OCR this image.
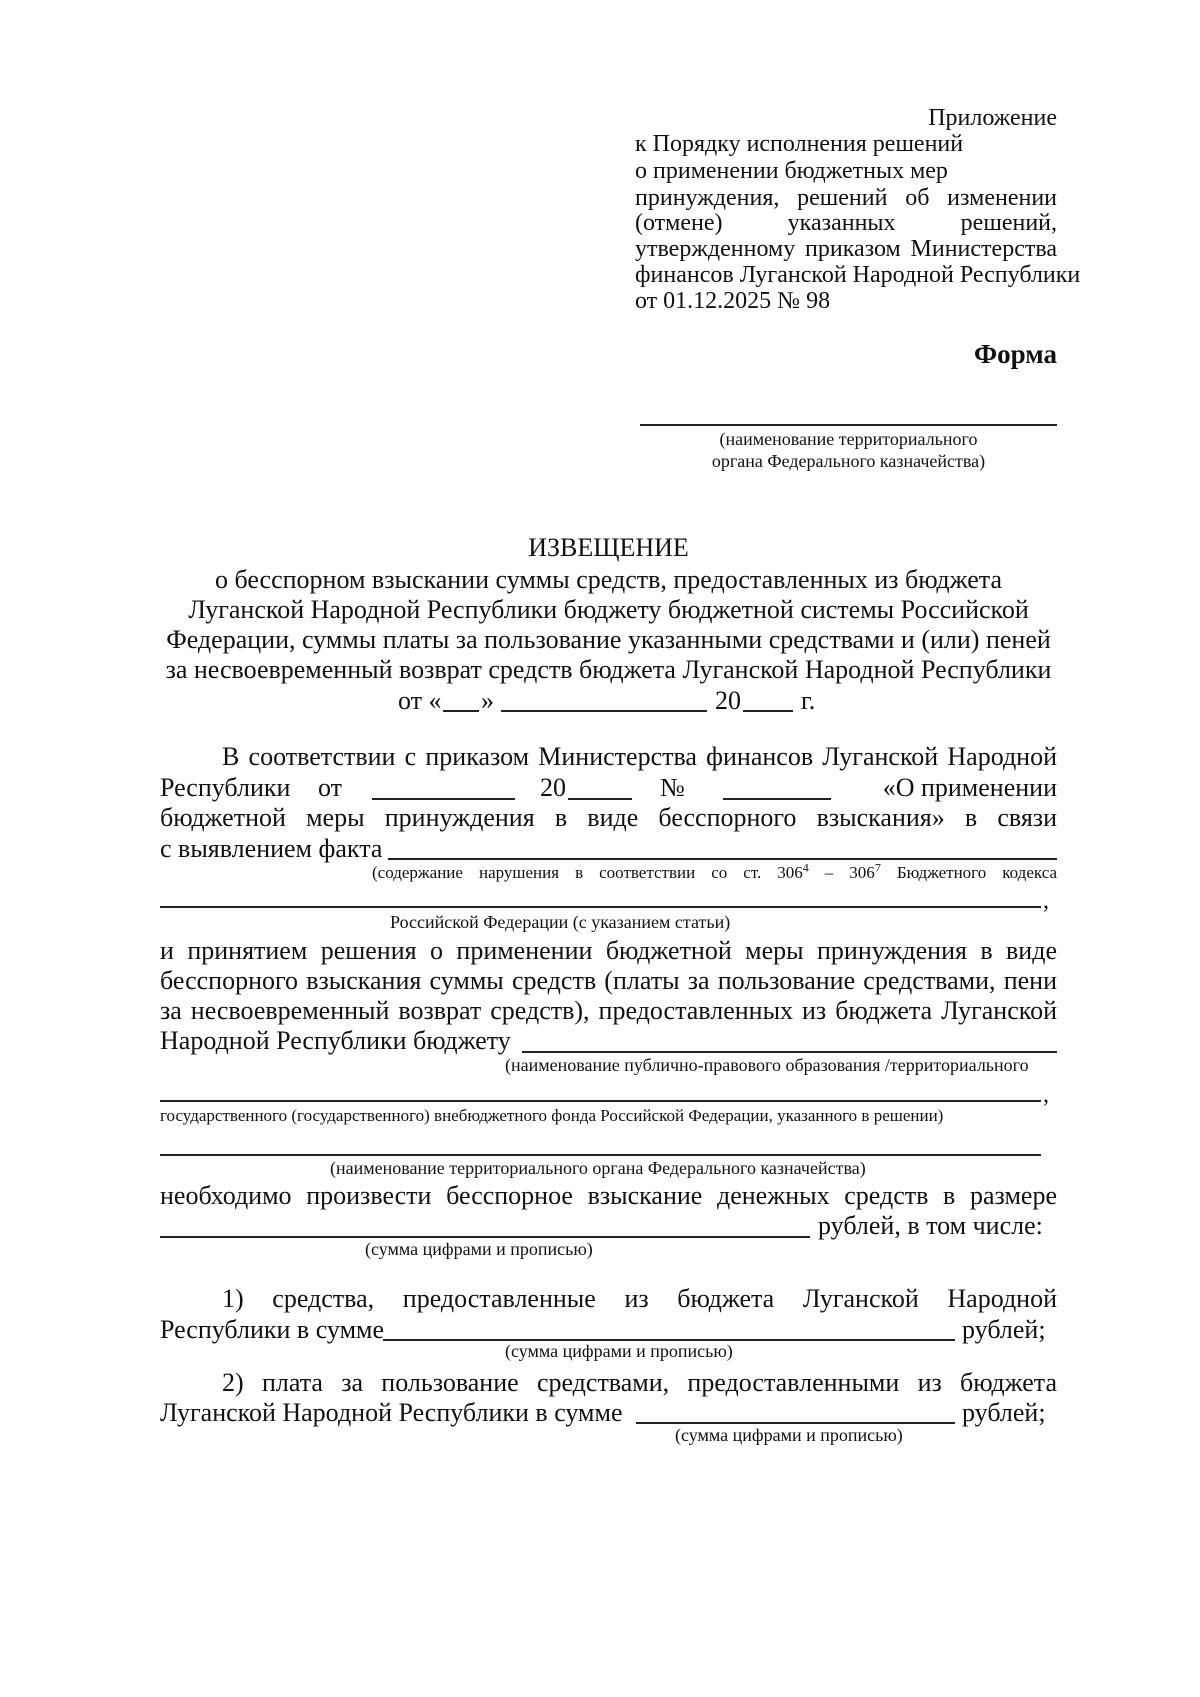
Приложение
к Порядку исполнения решений
о применении бюджетных мер
принуждения, решений об изменении
(отмене) указанных решений,
утвержденному приказом Министерства
финансов Луганской Народной Республики
от 01.12.2025 № 98
Форма
(наименование территориального
органа Федерального казначейства)
ИЗВЕЩЕНИЕ
о бесспорном взыскании суммы средств, предоставленных из бюджета
Луганской Народной Республики бюджету бюджетной системы Российской
Федерации, суммы платы за пользование указанными средствами и (или) пеней
за несвоевременный возврат средств бюджета Луганской Народной Республики
от « »	20 г.
В соответствии с приказом Министерства финансов Луганской Народной
Республики от	20	№	«О применении
бюджетной меры принуждения в виде бесспорного взыскания» в связи
с выявлением факта
(содержание нарушения в соответствии со ст. $306^4 - 306^7$ Бюджетного кодекса
,
Российской Федерации (с указанием статьи)
и принятием решения о применении бюджетной меры принуждения в виде
бесспорного взыскания суммы средств (платы за пользование средствами, пени
за несвоевременный возврат средств), предоставленных из бюджета Луганской
Народной Республики бюджету
(наименование публично-правового образования /территориального
,
государственного (государственного) внебюджетного фонда Российской Федерации, указанного в решении)
(наименование территориального органа Федерального казначейства)
необходимо произвести бесспорное взыскание денежных средств в размере
рублей, в том числе:
(сумма цифрами и прописью)
1) средства, предоставленные из бюджета Луганской Народной
Республики в сумме	рублей;
(сумма цифрами и прописью)
2) плата за пользование средствами, предоставленными из бюджета
Луганской Народной Республики в сумме	рублей;
(сумма цифрами и прописью)
